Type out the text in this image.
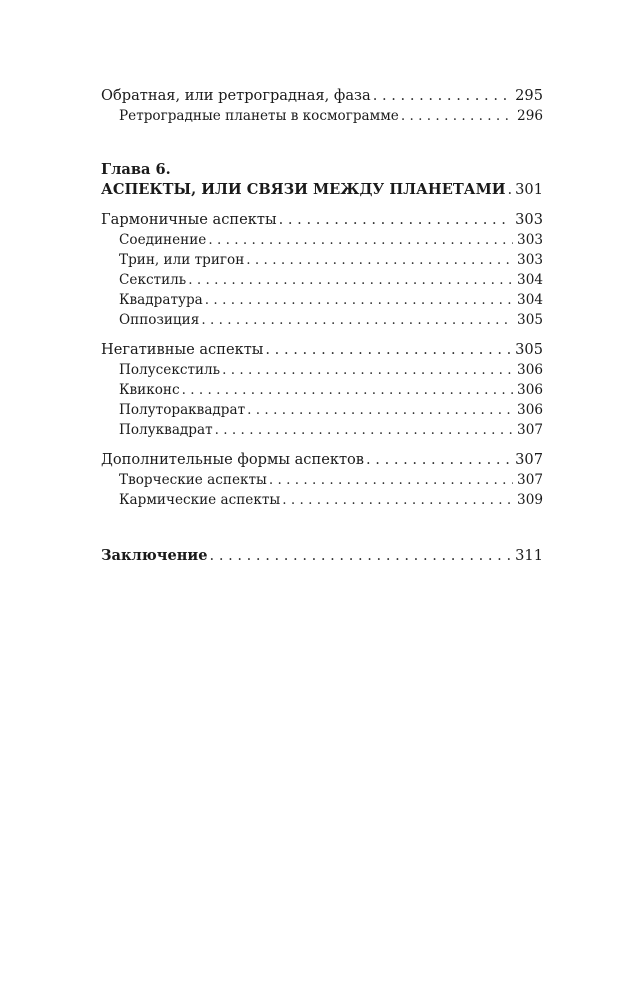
Обратная, или ретроградная, фаза . . .	295
Ретроградные планеты в космограмме . . .	296
Глава 6.
АСПЕКТЫ, ИЛИ СВЯЗИ МЕЖДУ ПЛАНЕТАМИ . . . 301
Гармоничные аспекты . . .	303
Соединение . . .	303
Трин, или тригон . . .	303
Секстиль . . .	304
Квадратура . . .	304
Оппозиция . . .	305
Негативные аспекты . . .	305
Полусекстиль . . .	306
Квиконс . . .	306
Полутораквадрат . . .	306
Полуквадрат . . .	307
Дополнительные формы аспектов . . .	307
Творческие аспекты . . .	307
Кармические аспекты . . .	309
Заключение . . .	311
